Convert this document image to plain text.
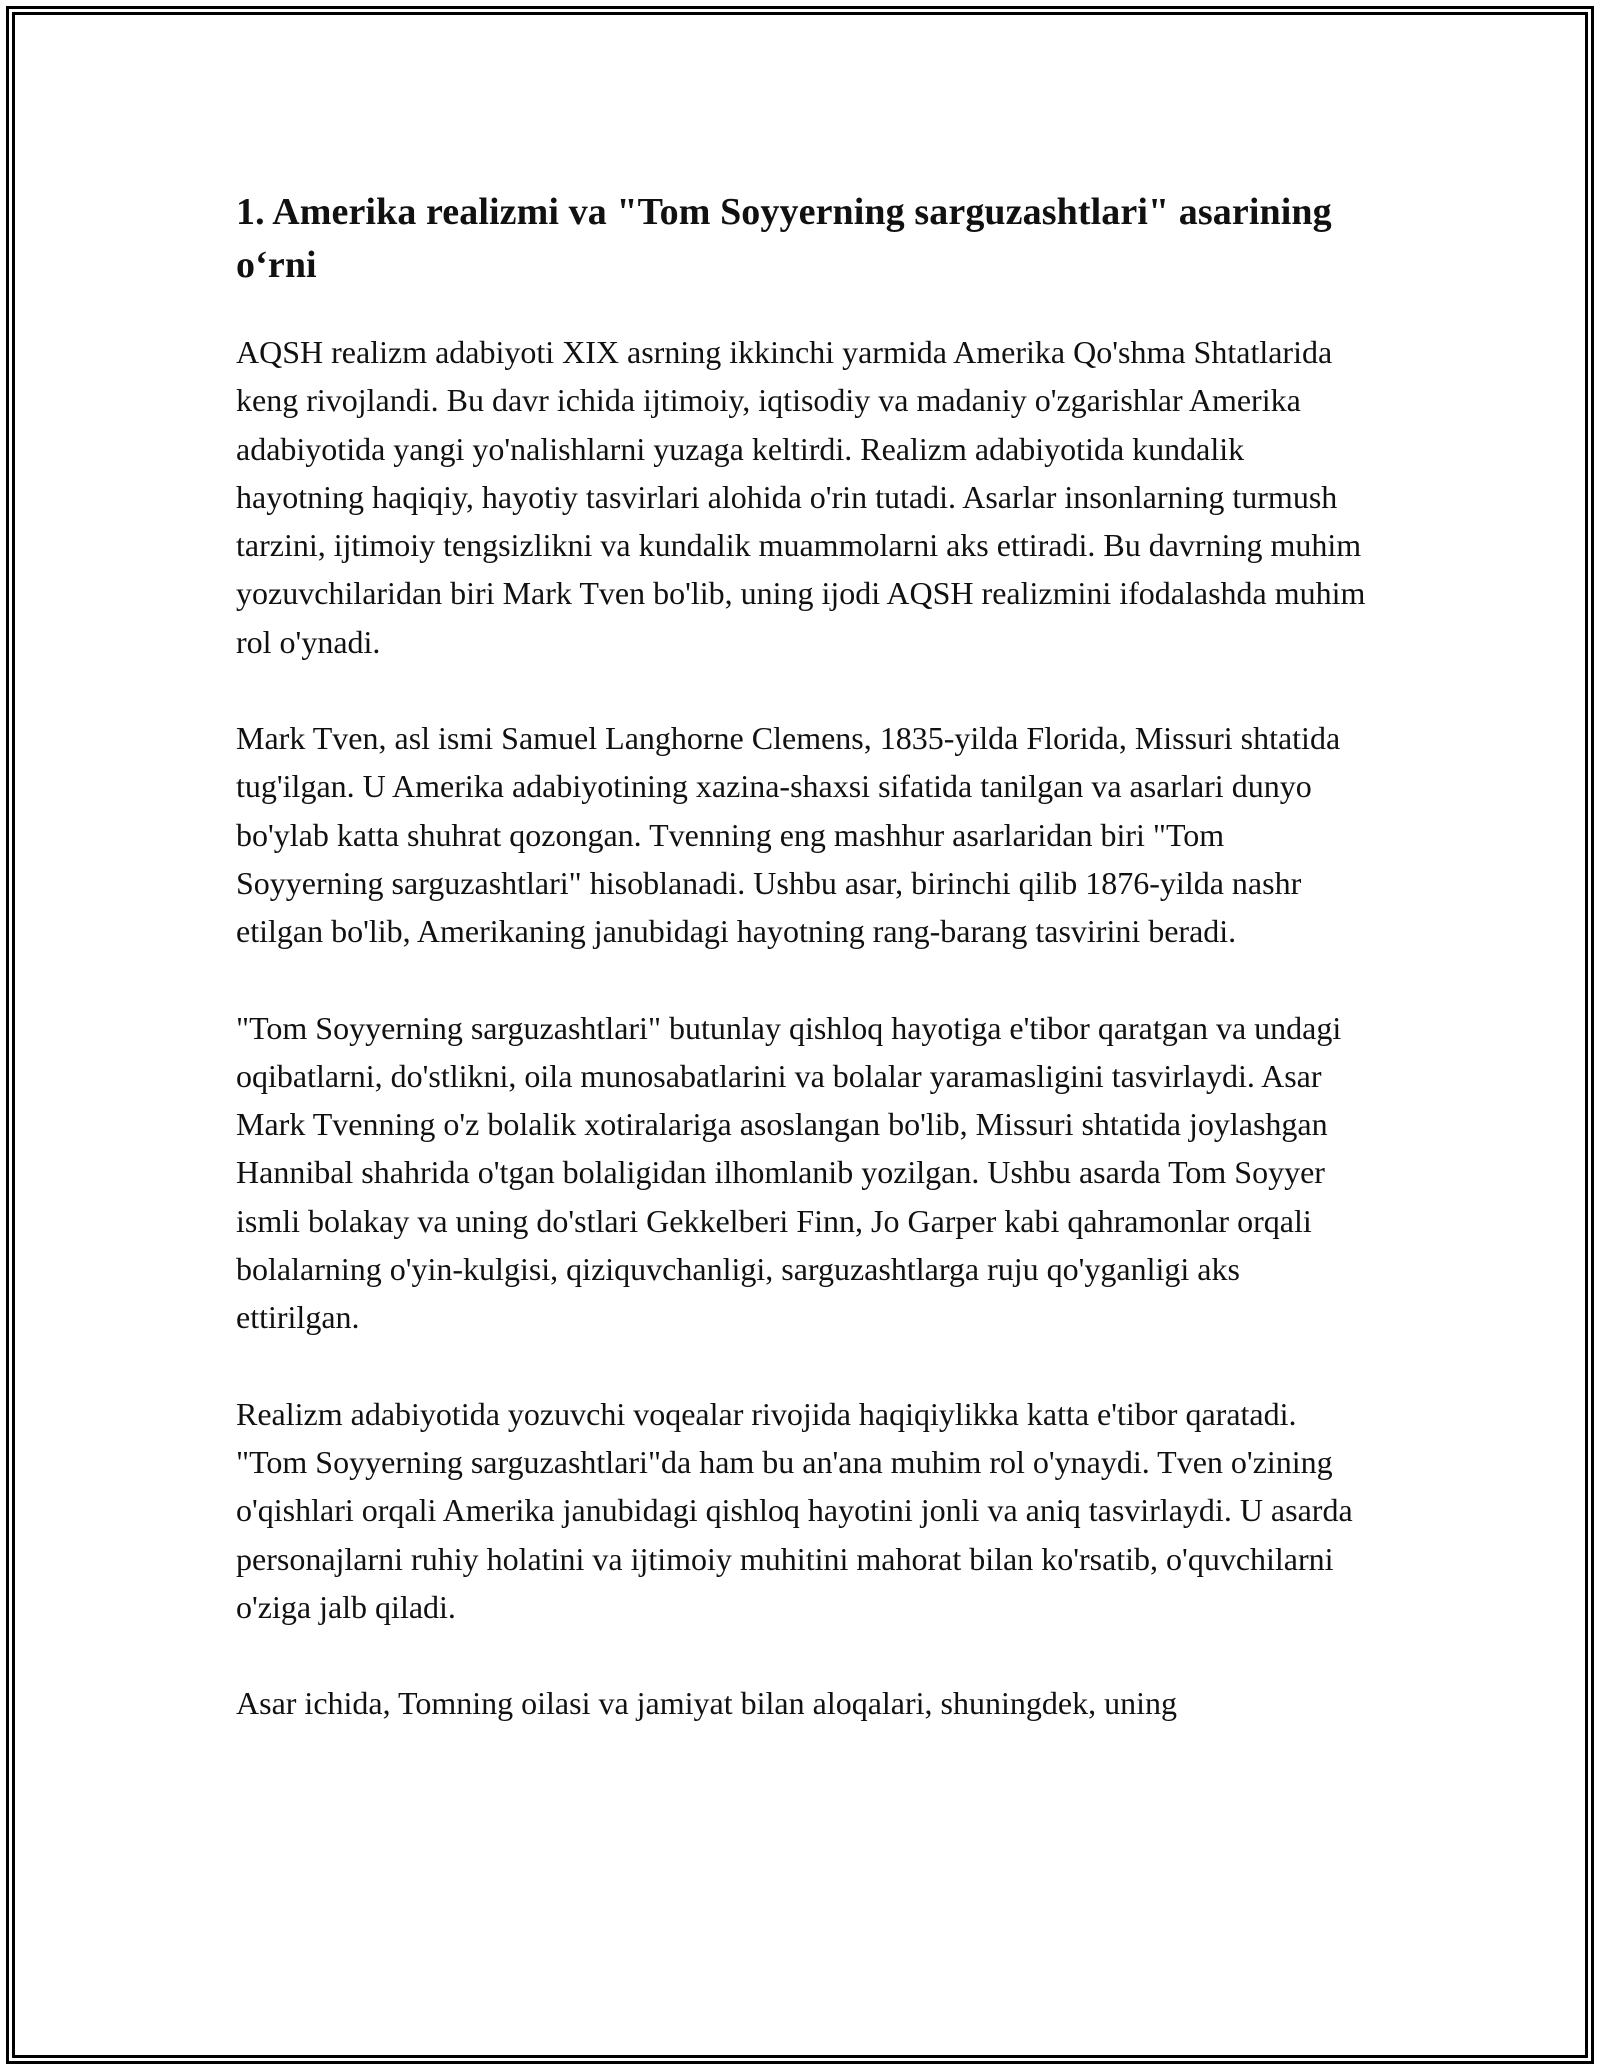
1. Amerika realizmi va "Tom Soyyerning sarguzashtlari" asarining o‘rni

AQSH realizm adabiyoti XIX asrning ikkinchi yarmida Amerika Qo'shma Shtatlarida keng rivojlandi. Bu davr ichida ijtimoiy, iqtisodiy va madaniy o'zgarishlar Amerika adabiyotida yangi yo'nalishlarni yuzaga keltirdi. Realizm adabiyotida kundalik hayotning haqiqiy, hayotiy tasvirlari alohida o'rin tutadi. Asarlar insonlarning turmush tarzini, ijtimoiy tengsizlikni va kundalik muammolarni aks ettiradi. Bu davrning muhim yozuvchilaridan biri Mark Tven bo'lib, uning ijodi AQSH realizmini ifodalashda muhim rol o'ynadi.

Mark Tven, asl ismi Samuel Langhorne Clemens, 1835-yilda Florida, Missuri shtatida tug'ilgan. U Amerika adabiyotining xazina-shaxsi sifatida tanilgan va asarlari dunyo bo'ylab katta shuhrat qozongan. Tvenning eng mashhur asarlaridan biri "Tom Soyyerning sarguzashtlari" hisoblanadi. Ushbu asar, birinchi qilib 1876-yilda nashr etilgan bo'lib, Amerikaning janubidagi hayotning rang-barang tasvirini beradi.

"Tom Soyyerning sarguzashtlari" butunlay qishloq hayotiga e'tibor qaratgan va undagi oqibatlarni, do'stlikni, oila munosabatlarini va bolalar yaramasligini tasvirlaydi. Asar Mark Tvenning o'z bolalik xotiralariga asoslangan bo'lib, Missuri shtatida joylashgan Hannibal shahrida o'tgan bolaligidan ilhomlanib yozilgan. Ushbu asarda Tom Soyyer ismli bolakay va uning do'stlari Gekkelberi Finn, Jo Garper kabi qahramonlar orqali bolalarning o'yin-kulgisi, qiziquvchanligi, sarguzashtlarga ruju qo'yganligi aks ettirilgan.

Realizm adabiyotida yozuvchi voqealar rivojida haqiqiylikka katta e'tibor qaratadi. "Tom Soyyerning sarguzashtlari"da ham bu an'ana muhim rol o'ynaydi. Tven o'zining o'qishlari orqali Amerika janubidagi qishloq hayotini jonli va aniq tasvirlaydi. U asarda personajlarni ruhiy holatini va ijtimoiy muhitini mahorat bilan ko'rsatib, o'quvchilarni o'ziga jalb qiladi.

Asar ichida, Tomning oilasi va jamiyat bilan aloqalari, shuningdek, uning
